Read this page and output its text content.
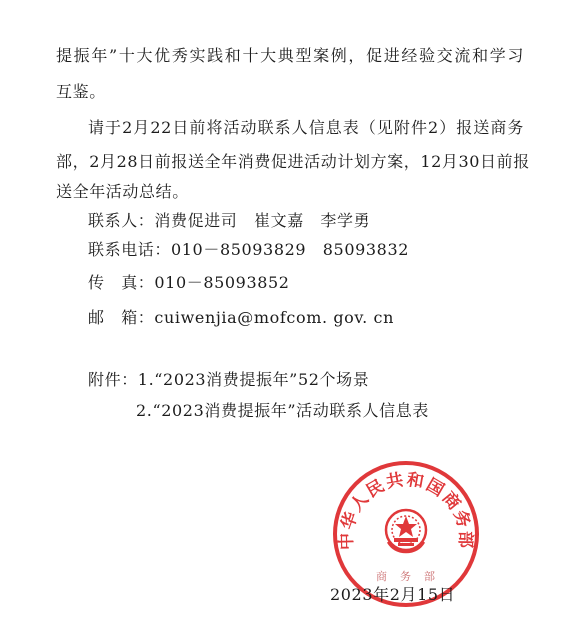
提振年”十大优秀实践和十大典型案例，促进经验交流和学习
互鉴。
请于2月22日前将活动联系人信息表（见附件2）报送商务
部，2月28日前报送全年消费促进活动计划方案，12月30日前报
送全年活动总结。
联系人：消费促进司　崔文嘉　李学勇
联系电话：010－85093829　85093832
传　真：010－85093852
邮　箱：cuiwenjia@mofcom. gov. cn
附件：1.“2023消费提振年”52个场景
2.“2023消费提振年”活动联系人信息表
中华人民共和国商务部
商　务　部
2023年2月15日
